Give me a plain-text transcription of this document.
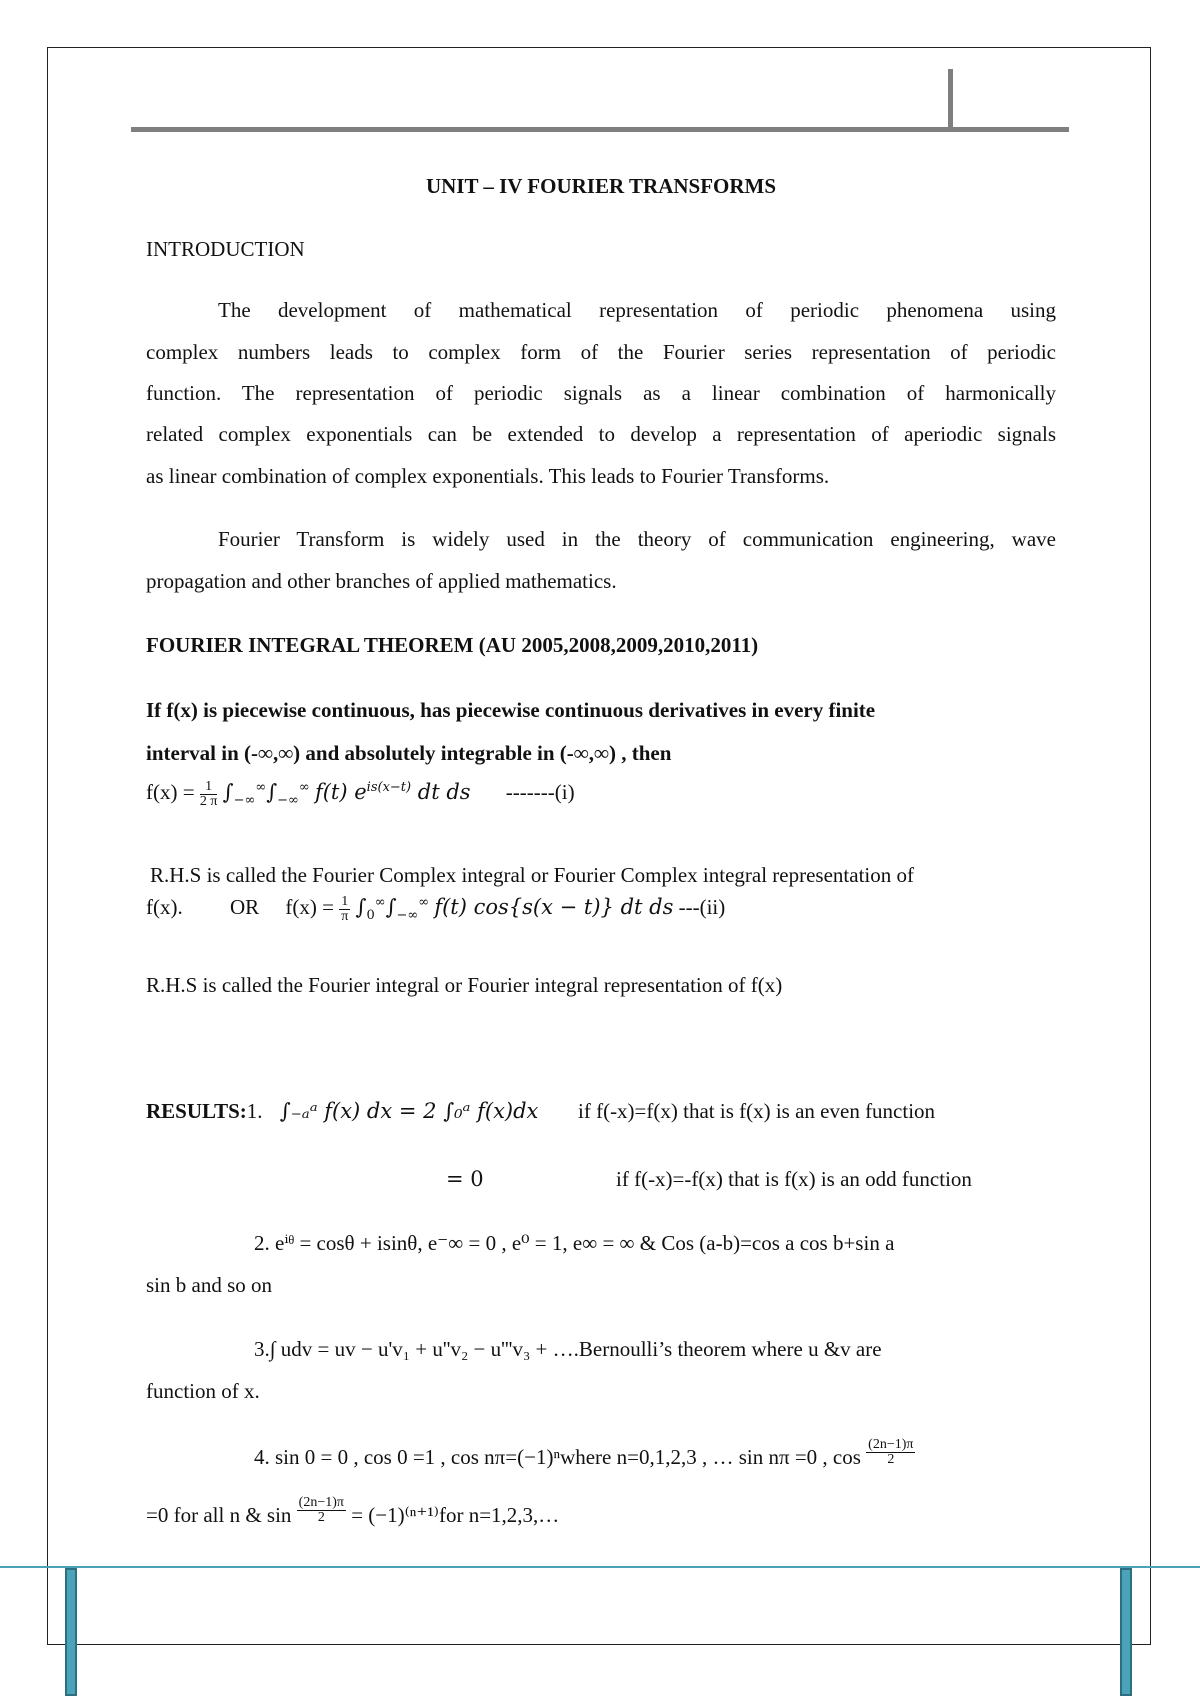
UNIT – IV FOURIER TRANSFORMS
INTRODUCTION
The development of mathematical representation of periodic phenomena using
complex numbers leads to complex form of the Fourier series representation of periodic
function. The representation of periodic signals as a linear combination of harmonically
related complex exponentials can be extended to develop a representation of aperiodic signals
as linear combination of complex exponentials. This leads to Fourier Transforms.
Fourier Transform is widely used in the theory of communication engineering, wave
propagation and other branches of applied mathematics.
FOURIER INTEGRAL THEOREM (AU 2005,2008,2009,2010,2011)
If f(x) is piecewise continuous, has piecewise continuous derivatives in every finite
interval in (-∞,∞) and absolutely integrable in (-∞,∞) , then
$f(x) = \frac{1}{2 \pi} \int_{-\infty}^\infty\int_{-\infty}^\infty$ f(t) $e^{is(x-t)}$ dt ds -------(i)
R.H.S is called the Fourier Complex integral or Fourier Complex integral representation of
f(x).         OR     $f(x) = \frac{1}{\pi} \int_0^\infty\int_{-\infty}^\infty$ f(t) cos{s(x − t)} dt ds ---(ii)
R.H.S is called the Fourier integral or Fourier integral representation of f(x)
RESULTS:1. ∫₋ₐᵃ f(x) dx = 2 ∫₀ᵃ f(x)dx if f(-x)=f(x) that is f(x) is an even function
= 0	if f(-x)=-f(x) that is f(x) is an odd function
2. eⁱᶿ = cosθ + isinθ, e⁻∞ = 0 , e⁰ = 1, e∞ = ∞ & Cos (a-b)=cos a cos b+sin a
sin b and so on
3.∫ udv = uv − u'v₁ + u''v₂ − u'''v₃ + ….Bernoulli’s theorem where u &v are
function of x.
4. sin 0 = 0 , cos 0 =1 , cos nπ=(−1)ⁿwhere n=0,1,2,3 , … sin nπ =0 , $\cos \frac{(2n-1)\pi}{2}$
=0 for all n & $\sin \frac{(2n-1)\pi}{2} = (-1)^{(n+1)}for$ n=1,2,3,…
